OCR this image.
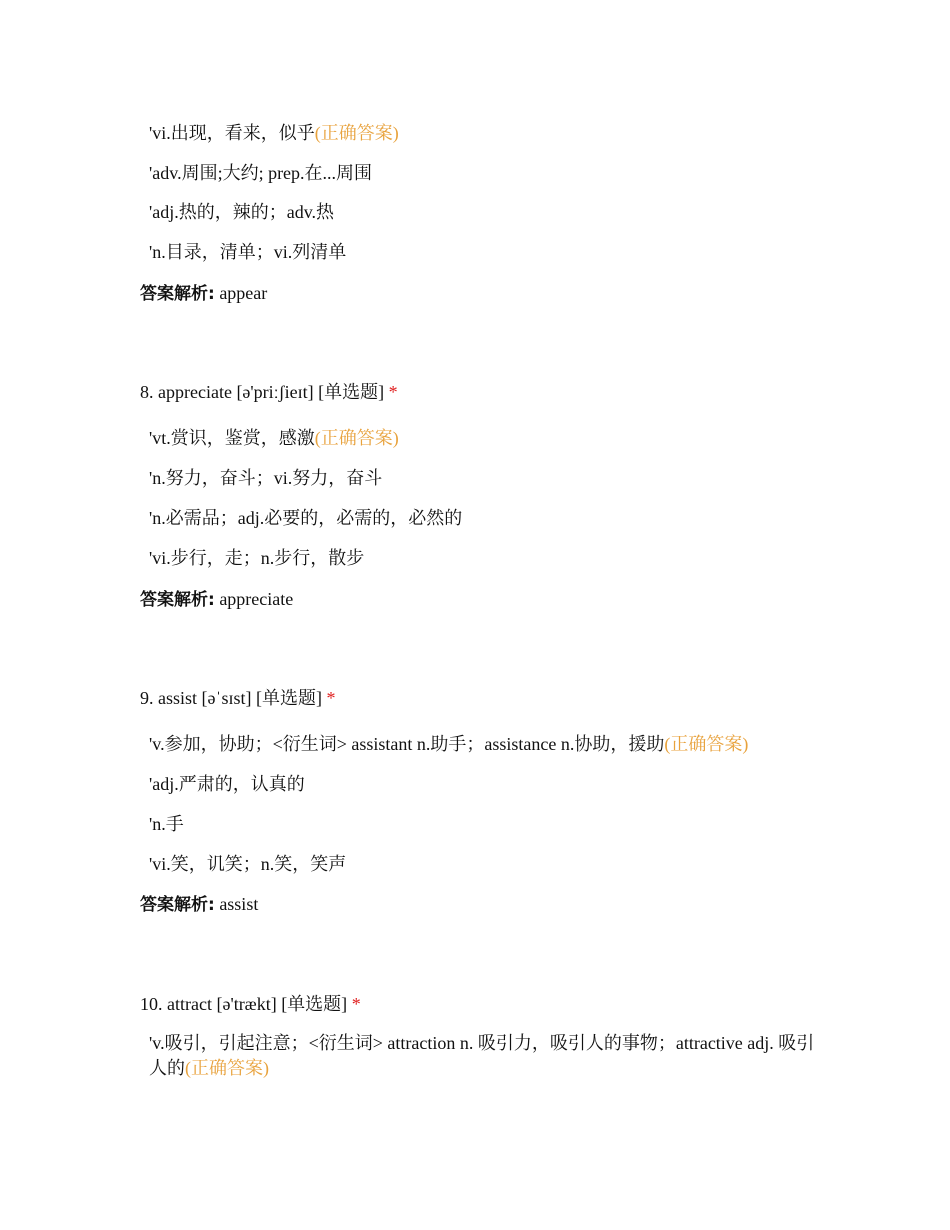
'vi.出现，看来，似乎(正确答案)
'adv.周围;大约; prep.在...周围
'adj.热的，辣的；adv.热
'n.目录，清单；vi.列清单
答案解析: appear
8. appreciate [ə'priːʃieɪt] [单选题] *
'vt.赏识，鉴赏，感激(正确答案)
'n.努力，奋斗；vi.努力，奋斗
'n.必需品；adj.必要的，必需的，必然的
'vi.步行，走；n.步行，散步
答案解析: appreciate
9. assist [əˈsɪst] [单选题] *
'v.参加，协助；<衍生词> assistant n.助手；assistance n.协助，援助(正确答案)
'adj.严肃的，认真的
'n.手
'vi.笑，讥笑；n.笑，笑声
答案解析: assist
10. attract [ə'trækt] [单选题] *
'v.吸引，引起注意；<衍生词> attraction n. 吸引力，吸引人的事物；attractive adj. 吸引人的(正确答案)
